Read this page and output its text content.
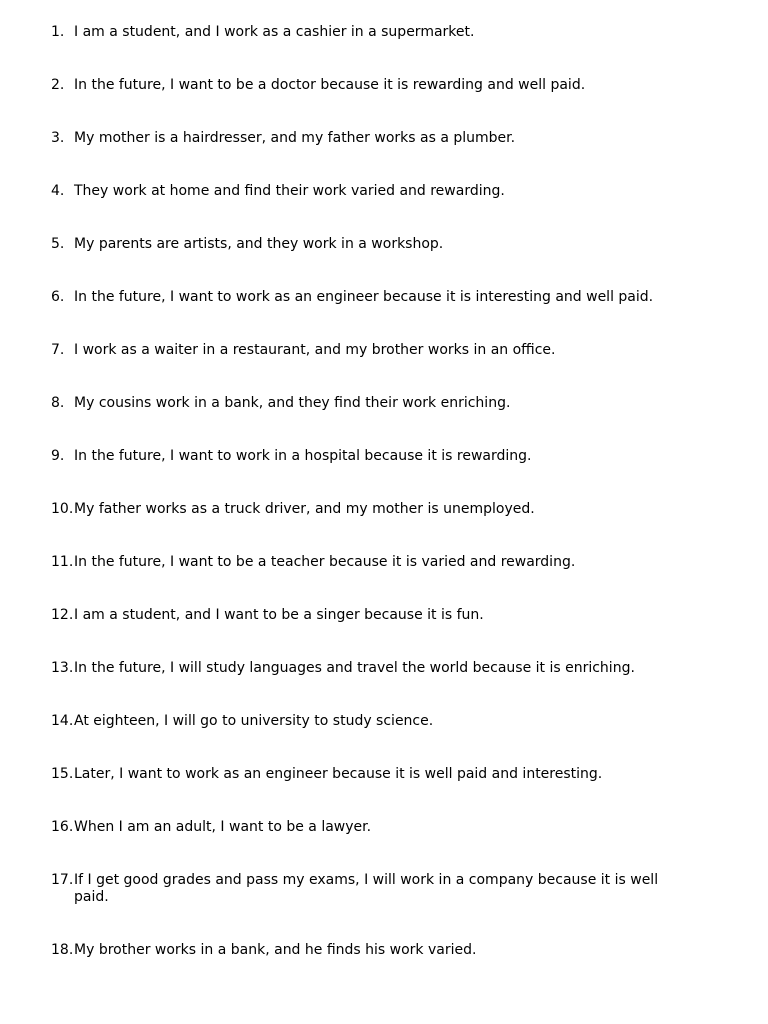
1. I am a student, and I work as a cashier in a supermarket.
2. In the future, I want to be a doctor because it is rewarding and well paid.
3. My mother is a hairdresser, and my father works as a plumber.
4. They work at home and find their work varied and rewarding.
5. My parents are artists, and they work in a workshop.
6. In the future, I want to work as an engineer because it is interesting and well paid.
7. I work as a waiter in a restaurant, and my brother works in an office.
8. My cousins work in a bank, and they find their work enriching.
9. In the future, I want to work in a hospital because it is rewarding.
10. My father works as a truck driver, and my mother is unemployed.
11. In the future, I want to be a teacher because it is varied and rewarding.
12. I am a student, and I want to be a singer because it is fun.
13. In the future, I will study languages and travel the world because it is enriching.
14. At eighteen, I will go to university to study science.
15. Later, I want to work as an engineer because it is well paid and interesting.
16. When I am an adult, I want to be a lawyer.
17. If I get good grades and pass my exams, I will work in a company because it is well paid.
18. My brother works in a bank, and he finds his work varied.
